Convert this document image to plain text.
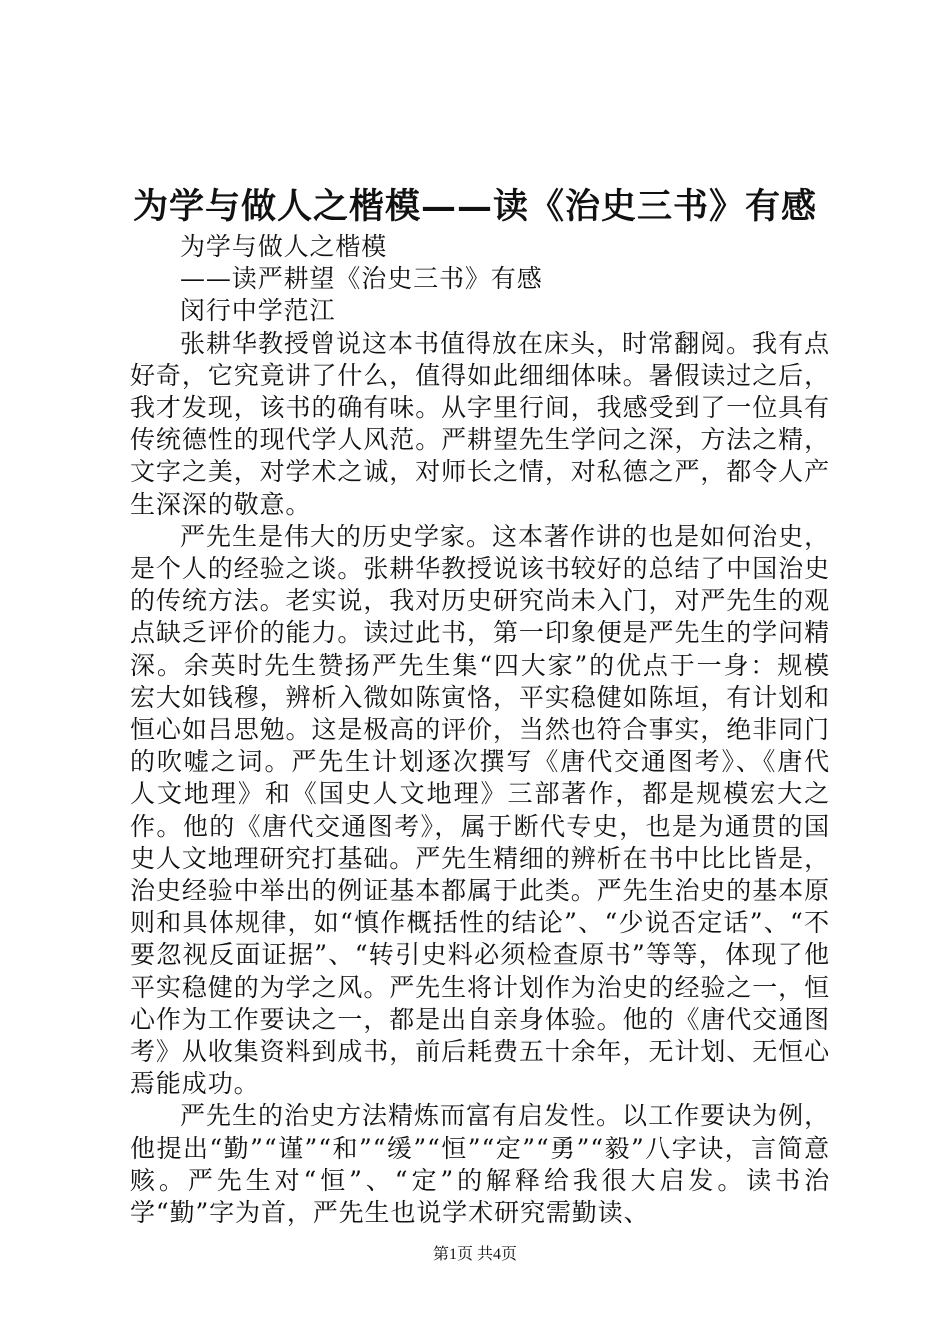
为学与做人之楷模——读《治史三书》有感

为学与做人之楷模

——读严耕望《治史三书》有感

闵行中学范江

张耕华教授曾说这本书值得放在床头，时常翻阅。我有点好奇，它究竟讲了什么，值得如此细细体味。暑假读过之后，我才发现，该书的确有味。从字里行间，我感受到了一位具有传统德性的现代学人风范。严耕望先生学问之深，方法之精，文字之美，对学术之诚，对师长之情，对私德之严，都令人产生深深的敬意。

严先生是伟大的历史学家。这本著作讲的也是如何治史，是个人的经验之谈。张耕华教授说该书较好的总结了中国治史的传统方法。老实说，我对历史研究尚未入门，对严先生的观点缺乏评价的能力。读过此书，第一印象便是严先生的学问精深。余英时先生赞扬严先生集“四大家”的优点于一身：规模宏大如钱穆，辨析入微如陈寅恪，平实稳健如陈垣，有计划和恒心如吕思勉。这是极高的评价，当然也符合事实，绝非同门的吹嘘之词。严先生计划逐次撰写《唐代交通图考》、《唐代人文地理》和《国史人文地理》三部著作，都是规模宏大之作。他的《唐代交通图考》，属于断代专史，也是为通贯的国史人文地理研究打基础。严先生精细的辨析在书中比比皆是，治史经验中举出的例证基本都属于此类。严先生治史的基本原则和具体规律，如“慎作概括性的结论”、“少说否定话”、“不要忽视反面证据”、“转引史料必须检查原书”等等，体现了他平实稳健的为学之风。严先生将计划作为治史的经验之一，恒心作为工作要诀之一，都是出自亲身体验。他的《唐代交通图考》从收集资料到成书，前后耗费五十余年，无计划、无恒心焉能成功。

严先生的治史方法精炼而富有启发性。以工作要诀为例，他提出“勤”“谨”“和”“缓”“恒”“定”“勇”“毅”八字诀，言简意赅。严先生对“恒”、“定”的解释给我很大启发。读书治学“勤”字为首，严先生也说学术研究需勤读、

第1页 共4页
